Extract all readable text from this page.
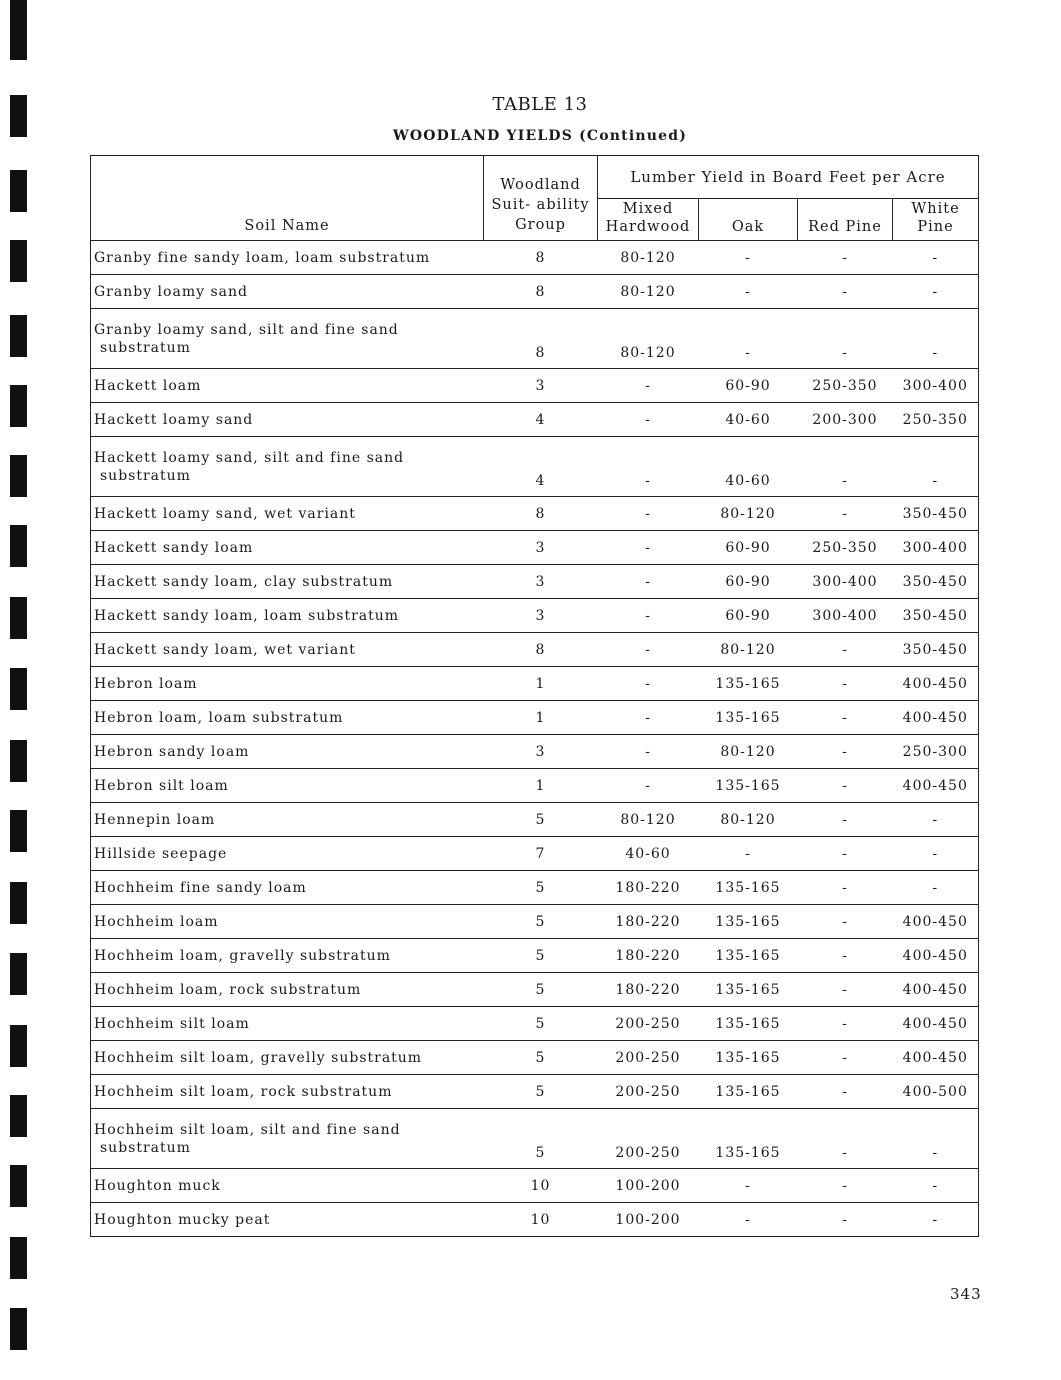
TABLE 13
WOODLAND YIELDS (Continued)
Soil Name	Woodland Suit- ability Group	Lumber Yield in Board Feet per Acre			
		Mixed Hardwood	Oak	Red Pine	White Pine
Granby fine sandy loam, loam substratum	8	80-120	-	-	-
Granby loamy sand	8	80-120	-	-	-
Granby loamy sand, silt and fine sand
substratum	8	80-120	-	-	-
Hackett loam	3	-	60-90	250-350	300-400
Hackett loamy sand	4	-	40-60	200-300	250-350
Hackett loamy sand, silt and fine sand
substratum	4	-	40-60	-	-
Hackett loamy sand, wet variant	8	-	80-120	-	350-450
Hackett sandy loam	3	-	60-90	250-350	300-400
Hackett sandy loam, clay substratum	3	-	60-90	300-400	350-450
Hackett sandy loam, loam substratum	3	-	60-90	300-400	350-450
Hackett sandy loam, wet variant	8	-	80-120	-	350-450
Hebron loam	1	-	135-165	-	400-450
Hebron loam, loam substratum	1	-	135-165	-	400-450
Hebron sandy loam	3	-	80-120	-	250-300
Hebron silt loam	1	-	135-165	-	400-450
Hennepin loam	5	80-120	80-120	-	-
Hillside seepage	7	40-60	-	-	-
Hochheim fine sandy loam	5	180-220	135-165	-	-
Hochheim loam	5	180-220	135-165	-	400-450
Hochheim loam, gravelly substratum	5	180-220	135-165	-	400-450
Hochheim loam, rock substratum	5	180-220	135-165	-	400-450
Hochheim silt loam	5	200-250	135-165	-	400-450
Hochheim silt loam, gravelly substratum	5	200-250	135-165	-	400-450
Hochheim silt loam, rock substratum	5	200-250	135-165	-	400-500
Hochheim silt loam, silt and fine sand
substratum	5	200-250	135-165	-	-
Houghton muck	10	100-200	-	-	-
Houghton mucky peat	10	100-200	-	-	-
343
